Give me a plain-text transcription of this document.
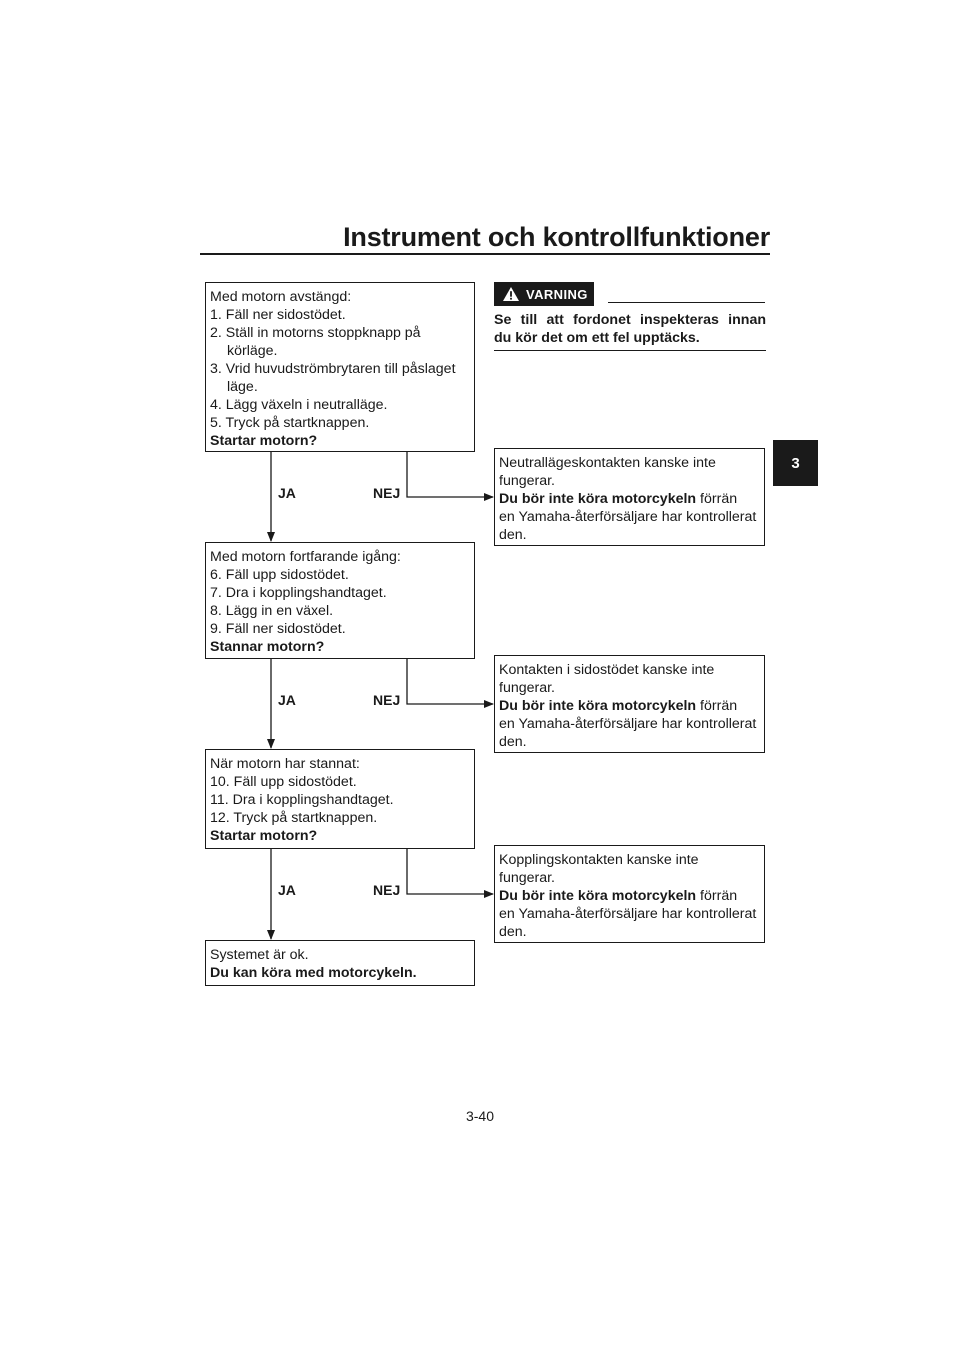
Instrument och kontrollfunktioner
3
VARNING
Se till att fordonet inspekteras innan
du kör det om ett fel upptäcks.
Med motorn avstängd:
1. Fäll ner sidostödet.
2. Ställ in motorns stoppknapp på
körläge.
3. Vrid huvudströmbrytaren till påslaget
läge.
4. Lägg växeln i neutralläge.
5. Tryck på startknappen.
Startar motorn?
Med motorn fortfarande igång:
6. Fäll upp sidostödet.
7. Dra i kopplingshandtaget.
8. Lägg in en växel.
9. Fäll ner sidostödet.
Stannar motorn?
När motorn har stannat:
10. Fäll upp sidostödet.
11. Dra i kopplingshandtaget.
12. Tryck på startknappen.
Startar motorn?
Systemet är ok.
Du kan köra med motorcykeln.
Neutrallägeskontakten kanske inte
fungerar.
Du bör inte köra motorcykeln förrän
en Yamaha-återförsäljare har kontrollerat
den.
Kontakten i sidostödet kanske inte
fungerar.
Du bör inte köra motorcykeln förrän
en Yamaha-återförsäljare har kontrollerat
den.
Kopplingskontakten kanske inte
fungerar.
Du bör inte köra motorcykeln förrän
en Yamaha-återförsäljare har kontrollerat
den.
JA	NEJ
JA	NEJ
JA	NEJ
3-40
